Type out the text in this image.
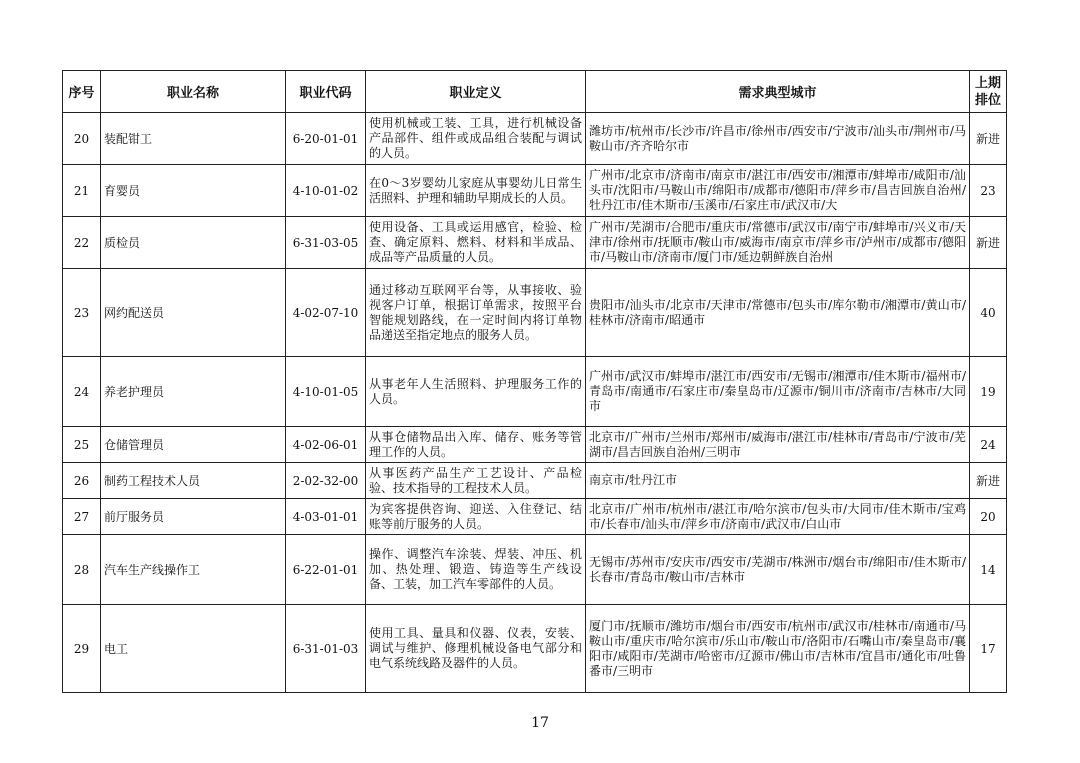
序号	职业名称	职业代码	职业定义	需求典型城市	上期排位
20	装配钳工	6-20-01-01	使用机械或工装、工具，进行机械设备产品部件、组件或成品组合装配与调试的人员。	潍坊市/杭州市/长沙市/许昌市/徐州市/西安市/宁波市/汕头市/荆州市/马鞍山市/齐齐哈尔市	新进
21	育婴员	4-10-01-02	在0～3岁婴幼儿家庭从事婴幼儿日常生活照料、护理和辅助早期成长的人员。	广州市/北京市/济南市/南京市/湛江市/西安市/湘潭市/蚌埠市/咸阳市/汕头市/沈阳市/马鞍山市/绵阳市/成都市/德阳市/萍乡市/昌吉回族自治州/牡丹江市/佳木斯市/玉溪市/石家庄市/武汉市/大	23
22	质检员	6-31-03-05	使用设备、工具或运用感官，检验、检查、确定原料、燃料、材料和半成品、成品等产品质量的人员。	广州市/芜湖市/合肥市/重庆市/常德市/武汉市/南宁市/蚌埠市/兴义市/天津市/徐州市/抚顺市/鞍山市/威海市/南京市/萍乡市/泸州市/成都市/德阳市/马鞍山市/济南市/厦门市/延边朝鲜族自治州	新进
23	网约配送员	4-02-07-10	通过移动互联网平台等，从事接收、验视客户订单，根据订单需求，按照平台智能规划路线，在一定时间内将订单物品递送至指定地点的服务人员。	贵阳市/汕头市/北京市/天津市/常德市/包头市/库尔勒市/湘潭市/黄山市/桂林市/济南市/昭通市	40
24	养老护理员	4-10-01-05	从事老年人生活照料、护理服务工作的人员。	广州市/武汉市/蚌埠市/湛江市/西安市/无锡市/湘潭市/佳木斯市/福州市/青岛市/南通市/石家庄市/秦皇岛市/辽源市/铜川市/济南市/吉林市/大同市	19
25	仓储管理员	4-02-06-01	从事仓储物品出入库、储存、账务等管理工作的人员。	北京市/广州市/兰州市/郑州市/威海市/湛江市/桂林市/青岛市/宁波市/芜湖市/昌吉回族自治州/三明市	24
26	制药工程技术人员	2-02-32-00	从事医药产品生产工艺设计、产品检验、技术指导的工程技术人员。	南京市/牡丹江市	新进
27	前厅服务员	4-03-01-01	为宾客提供咨询、迎送、入住登记、结账等前厅服务的人员。	北京市/广州市/杭州市/湛江市/哈尔滨市/包头市/大同市/佳木斯市/宝鸡市/长春市/汕头市/萍乡市/济南市/武汉市/白山市	20
28	汽车生产线操作工	6-22-01-01	操作、调整汽车涂装、焊装、冲压、机加、热处理、锻造、铸造等生产线设备、工装，加工汽车零部件的人员。	无锡市/苏州市/安庆市/西安市/芜湖市/株洲市/烟台市/绵阳市/佳木斯市/长春市/青岛市/鞍山市/吉林市	14
29	电工	6-31-01-03	使用工具、量具和仪器、仪表，安装、调试与维护、修理机械设备电气部分和电气系统线路及器件的人员。	厦门市/抚顺市/潍坊市/烟台市/西安市/杭州市/武汉市/桂林市/南通市/马鞍山市/重庆市/哈尔滨市/乐山市/鞍山市/洛阳市/石嘴山市/秦皇岛市/襄阳市/咸阳市/芜湖市/哈密市/辽源市/佛山市/吉林市/宜昌市/通化市/吐鲁番市/三明市	17
17
